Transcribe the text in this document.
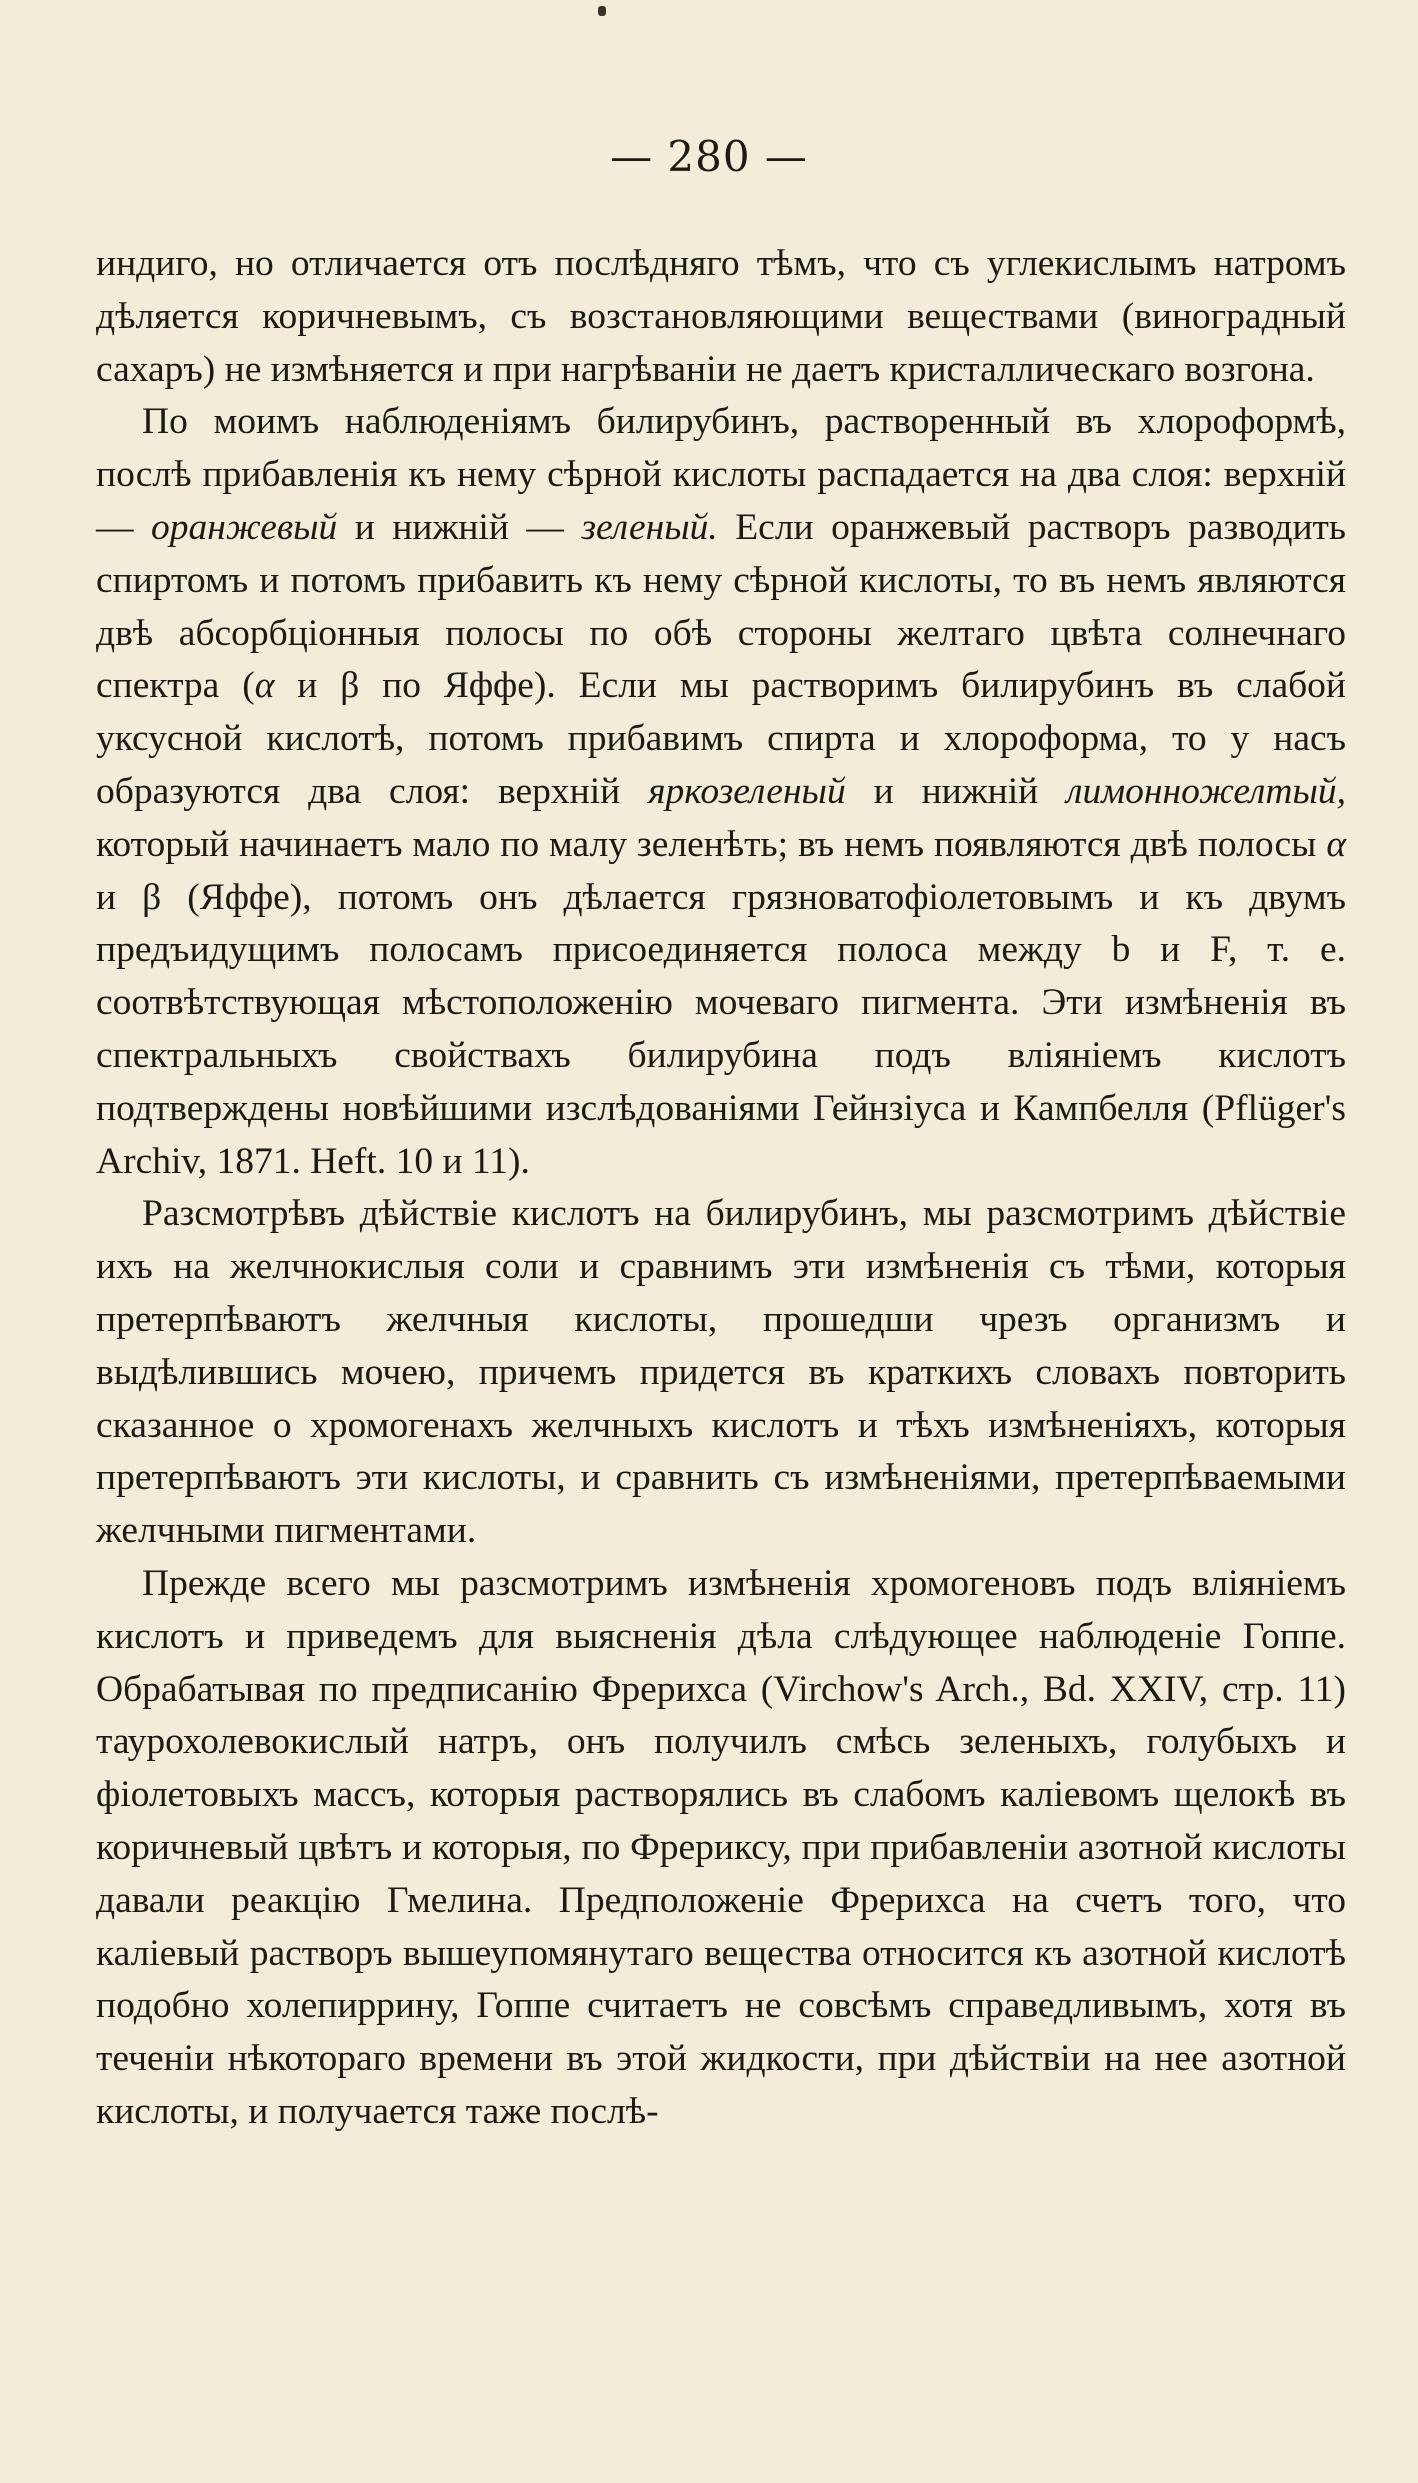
— 280 —

индиго, но отличается отъ послѣдняго тѣмъ, что съ углекислымъ натромъ дѣляется коричневымъ, съ возстановляющими веществами (виноградный сахаръ) не измѣняется и при нагрѣваніи не даетъ кристаллическаго возгона.

По моимъ наблюденіямъ билирубинъ, растворенный въ хлороформѣ, послѣ прибавленія къ нему сѣрной кислоты распадается на два слоя: верхній — оранжевый и нижній — зеленый. Если оранжевый растворъ разводить спиртомъ и потомъ прибавить къ нему сѣрной кислоты, то въ немъ являются двѣ абсорбціонныя полосы по обѣ стороны желтаго цвѣта солнечнаго спектра (α и β по Яффе). Если мы растворимъ билирубинъ въ слабой уксусной кислотѣ, потомъ прибавимъ спирта и хлороформа, то у насъ образуются два слоя: верхній яркозеленый и нижній лимонножелтый, который начинаетъ мало по малу зеленѣть; въ немъ появляются двѣ полосы α и β (Яффе), потомъ онъ дѣлается грязноватофіолетовымъ и къ двумъ предъидущимъ полосамъ присоединяется полоса между b и F, т. е. соотвѣтствующая мѣстоположенію мочеваго пигмента. Эти измѣненія въ спектральныхъ свойствахъ билирубина подъ вліяніемъ кислотъ подтверждены новѣйшими изслѣдованіями Гейнзіуса и Кампбелля (Pflüger's Archiv, 1871. Heft. 10 и 11).

Разсмотрѣвъ дѣйствіе кислотъ на билирубинъ, мы разсмотримъ дѣйствіе ихъ на желчнокислыя соли и сравнимъ эти измѣненія съ тѣми, которыя претерпѣваютъ желчныя кислоты, прошедши чрезъ организмъ и выдѣлившись мочею, причемъ придется въ краткихъ словахъ повторить сказанное о хромогенахъ желчныхъ кислотъ и тѣхъ измѣненіяхъ, которыя претерпѣваютъ эти кислоты, и сравнить съ измѣненіями, претерпѣваемыми желчными пигментами.

Прежде всего мы разсмотримъ измѣненія хромогеновъ подъ вліяніемъ кислотъ и приведемъ для выясненія дѣла слѣдующее наблюденіе Гоппе. Обрабатывая по предписанію Фрерихса (Virchow's Arch., Bd. XXIV, стр. 11) таурохолевокислый натръ, онъ получилъ смѣсь зеленыхъ, голубыхъ и фіолетовыхъ массъ, которыя растворялись въ слабомъ каліевомъ щелокѣ въ коричневый цвѣтъ и которыя, по Фрериксу, при прибавленіи азотной кислоты давали реакцію Гмелина. Предположеніе Фрерихса на счетъ того, что каліевый растворъ вышеупомянутаго вещества относится къ азотной кислотѣ подобно холепиррину, Гоппе считаетъ не совсѣмъ справедливымъ, хотя въ теченіи нѣкотораго времени въ этой жидкости, при дѣйствіи на нее азотной кислоты, и получается таже послѣ-
